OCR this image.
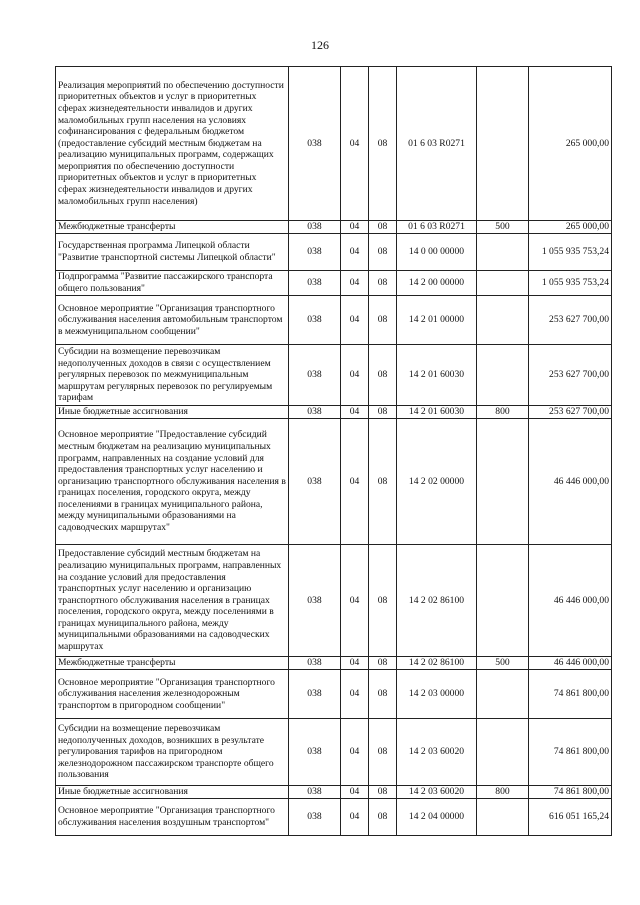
126
Реализация мероприятий по обеспечению доступности приоритетных объектов и услуг в приоритетных сферах жизнедеятельности инвалидов и других маломобильных групп населения на условиях софинансирования с федеральным бюджетом (предоставление субсидий местным бюджетам на реализацию муниципальных программ, содержащих мероприятия по обеспечению доступности приоритетных объектов и услуг в приоритетных сферах жизнедеятельности инвалидов и других маломобильных групп населения)	038	04	08	01 6 03 R0271		265 000,00
Межбюджетные трансферты	038	04	08	01 6 03 R0271	500	265 000,00
Государственная программа Липецкой области "Развитие транспортной системы Липецкой области"	038	04	08	14 0 00 00000		1 055 935 753,24
Подпрограмма "Развитие пассажирского транспорта общего пользования"	038	04	08	14 2 00 00000		1 055 935 753,24
Основное мероприятие "Организация транспортного обслуживания населения автомобильным транспортом в межмуниципальном сообщении"	038	04	08	14 2 01 00000		253 627 700,00
Субсидии на возмещение перевозчикам недополученных доходов в связи с осуществлением регулярных перевозок по межмуниципальным маршрутам регулярных перевозок по регулируемым тарифам	038	04	08	14 2 01 60030		253 627 700,00
Иные бюджетные ассигнования	038	04	08	14 2 01 60030	800	253 627 700,00
Основное мероприятие "Предоставление субсидий местным бюджетам на реализацию муниципальных программ, направленных на создание условий для предоставления транспортных услуг населению и организацию транспортного обслуживания населения в границах поселения, городского округа, между поселениями в границах муниципального района, между муниципальными образованиями на садоводческих маршрутах"	038	04	08	14 2 02 00000		46 446 000,00
Предоставление субсидий местным бюджетам на реализацию муниципальных программ, направленных на создание условий для предоставления транспортных услуг населению и организацию транспортного обслуживания населения в границах поселения, городского округа, между поселениями в границах муниципального района, между муниципальными образованиями на садоводческих маршрутах	038	04	08	14 2 02 86100		46 446 000,00
Межбюджетные трансферты	038	04	08	14 2 02 86100	500	46 446 000,00
Основное мероприятие "Организация транспортного обслуживания населения железнодорожным транспортом в пригородном сообщении"	038	04	08	14 2 03 00000		74 861 800,00
Субсидии на возмещение перевозчикам недополученных доходов, возникших в результате регулирования тарифов на пригородном железнодорожном пассажирском транспорте общего пользования	038	04	08	14 2 03 60020		74 861 800,00
Иные бюджетные ассигнования	038	04	08	14 2 03 60020	800	74 861 800,00
Основное мероприятие "Организация транспортного обслуживания населения воздушным транспортом"	038	04	08	14 2 04 00000		616 051 165,24
